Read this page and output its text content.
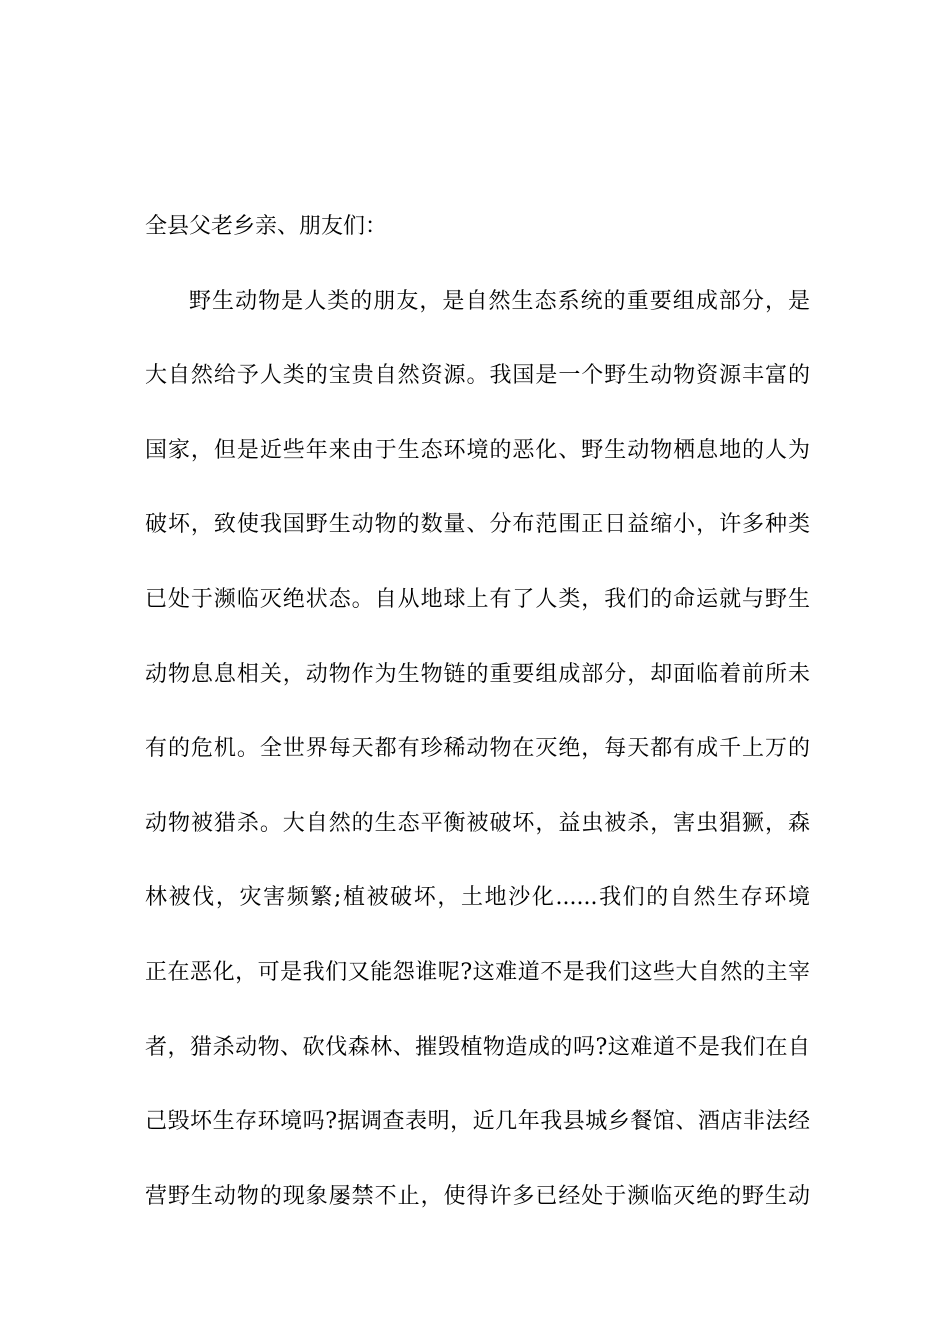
全县父老乡亲、朋友们：
野生动物是人类的朋友，是自然生态系统的重要组成部分，是
大自然给予人类的宝贵自然资源。我国是一个野生动物资源丰富的
国家，但是近些年来由于生态环境的恶化、野生动物栖息地的人为
破坏，致使我国野生动物的数量、分布范围正日益缩小，许多种类
已处于濒临灭绝状态。自从地球上有了人类，我们的命运就与野生
动物息息相关，动物作为生物链的重要组成部分，却面临着前所未
有的危机。全世界每天都有珍稀动物在灭绝，每天都有成千上万的
动物被猎杀。大自然的生态平衡被破坏，益虫被杀，害虫猖獗，森
林被伐，灾害频繁;植被破坏，土地沙化......我们的自然生存环境
正在恶化，可是我们又能怨谁呢?这难道不是我们这些大自然的主宰
者，猎杀动物、砍伐森林、摧毁植物造成的吗?这难道不是我们在自
己毁坏生存环境吗?据调查表明，近几年我县城乡餐馆、酒店非法经
营野生动物的现象屡禁不止，使得许多已经处于濒临灭绝的野生动
